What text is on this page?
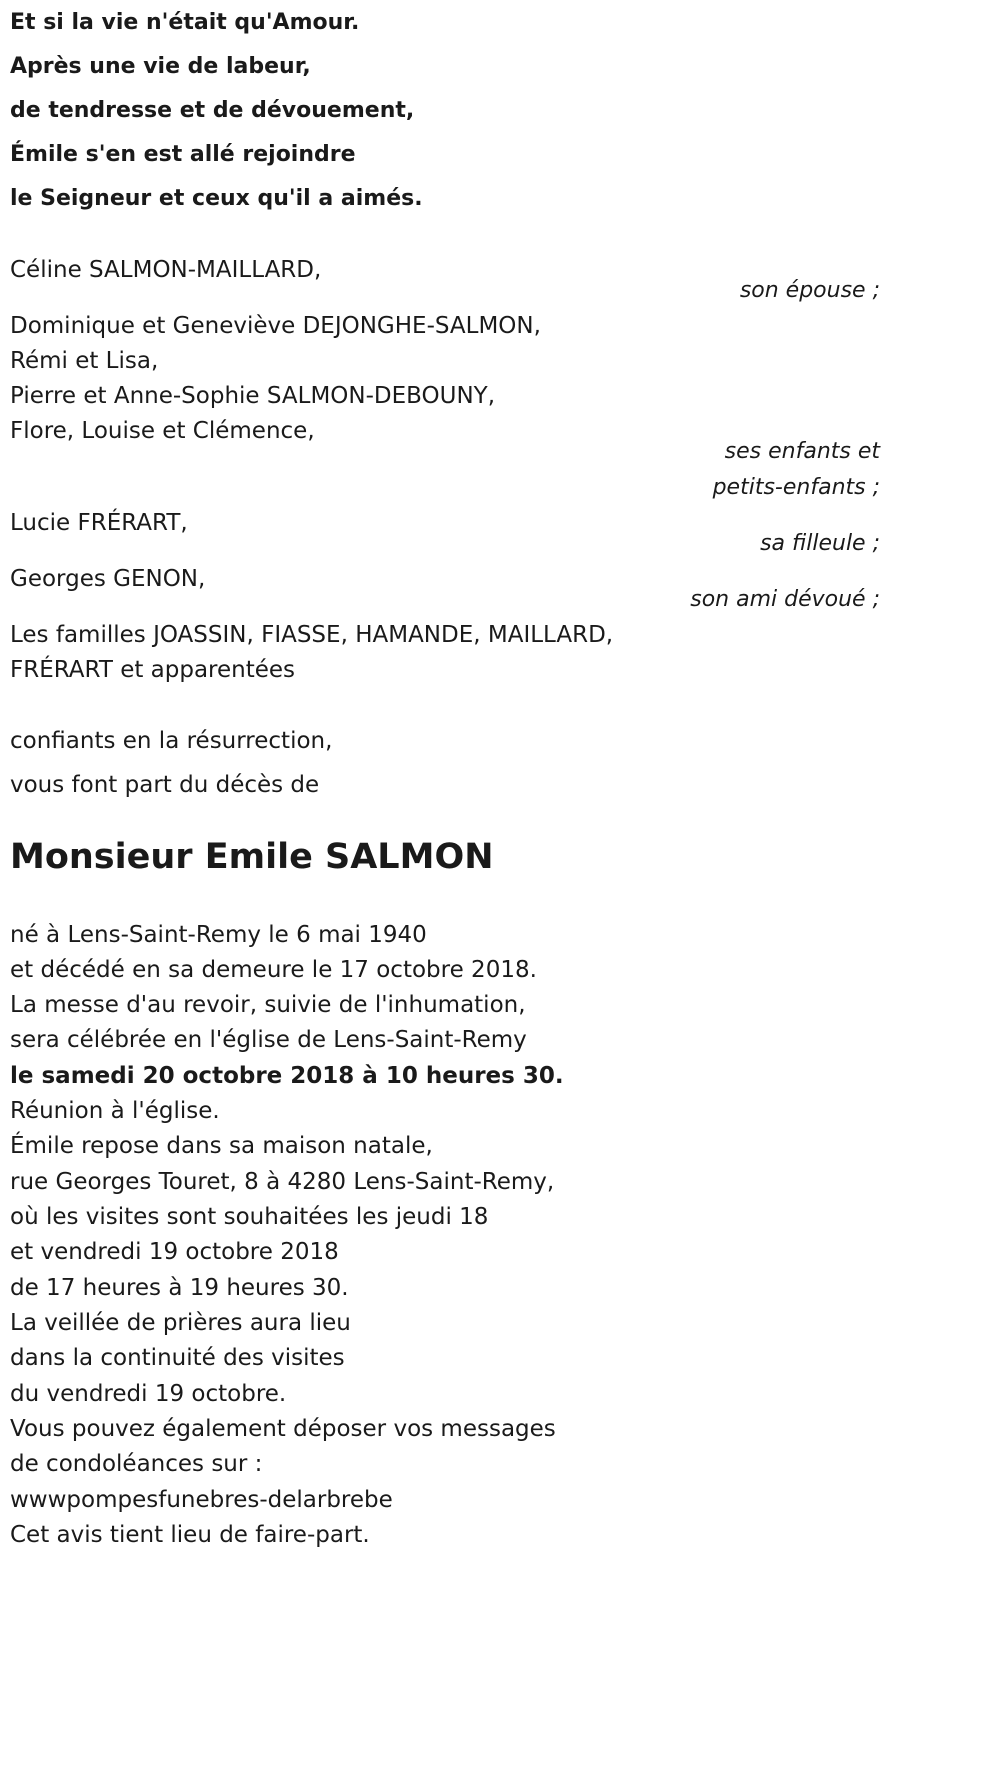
Et si la vie n'était qu'Amour.
Après une vie de labeur,
de tendresse et de dévouement,
Émile s'en est allé rejoindre
le Seigneur et ceux qu'il a aimés.
Céline SALMON-MAILLARD,
son épouse ;
Dominique et Geneviève DEJONGHE-SALMON,
Rémi et Lisa,
Pierre et Anne-Sophie SALMON-DEBOUNY,
Flore, Louise et Clémence,
ses enfants et
petits-enfants ;
Lucie FRÉRART,
sa filleule ;
Georges GENON,
son ami dévoué ;
Les familles JOASSIN, FIASSE, HAMANDE, MAILLARD,
FRÉRART et apparentées
confiants en la résurrection,
vous font part du décès de
Monsieur Emile SALMON
né à Lens-Saint-Remy le 6 mai 1940
et décédé en sa demeure le 17 octobre 2018.
La messe d'au revoir, suivie de l'inhumation,
sera célébrée en l'église de Lens-Saint-Remy
le samedi 20 octobre 2018 à 10 heures 30.
Réunion à l'église.
Émile repose dans sa maison natale,
rue Georges Touret, 8 à 4280 Lens-Saint-Remy,
où les visites sont souhaitées les jeudi 18
et vendredi 19 octobre 2018
de 17 heures à 19 heures 30.
La veillée de prières aura lieu
dans la continuité des visites
du vendredi 19 octobre.
Vous pouvez également déposer vos messages
de condoléances sur :
wwwpompesfunebres-delarbrebe
Cet avis tient lieu de faire-part.
